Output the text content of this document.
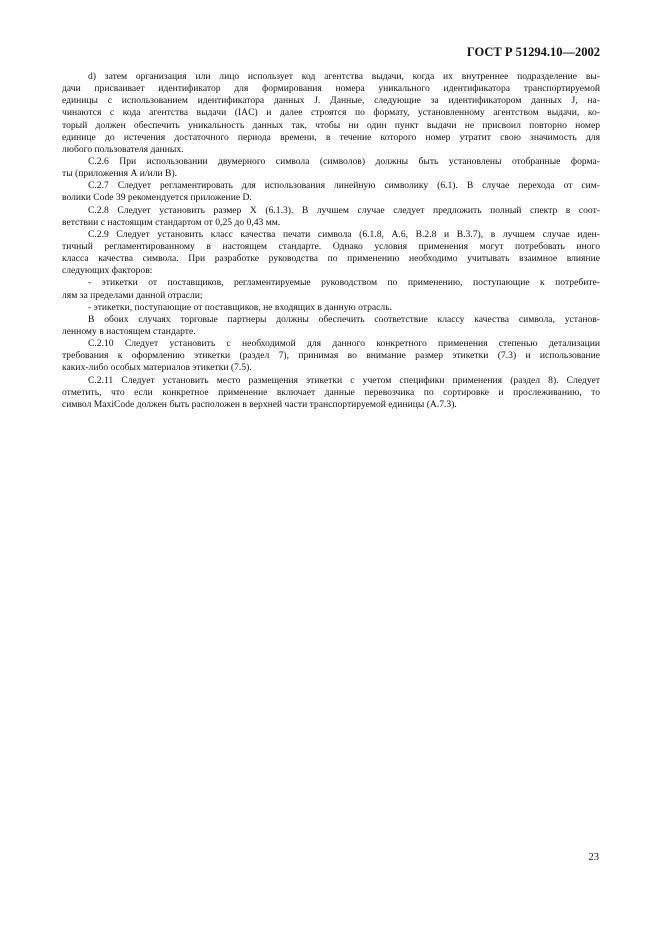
ГОСТ Р 51294.10—2002
d) затем организация или лицо использует код агентства выдачи, когда их внутреннее подразделение вы-
дачи присваивает идентификатор для формирования номера уникального идентификатора транспортируемой
единицы с использованием идентификатора данных J. Данные, следующие за идентификатором данных J, на-
чинаются с кода агентства выдачи (IAC) и далее строятся по формату, установленному агентством выдачи, ко-
торый должен обеспечить уникальность данных так, чтобы ни один пункт выдачи не присвоил повторно номер
единице до истечения достаточного периода времени, в течение которого номер утратит свою значимость для
любого пользователя данных.
С.2.6 При использовании двумерного символа (символов) должны быть установлены отобранные форма-
ты (приложения А и/или В).
С.2.7 Следует регламентировать для использования линейную символику (6.1). В случае перехода от сим-
волики Code 39 рекомендуется приложение D.
С.2.8 Следует установить размер X (6.1.3). В лучшем случае следует предложить полный спектр в соот-
ветствии с настоящим стандартом от 0,25 до 0,43 мм.
С.2.9 Следует установить класс качества печати символа (6.1.8, А.6, В.2.8 и В.3.7), в лучшем случае иден-
тичный регламентированному в настоящем стандарте. Однако условия применения могут потребовать иного
класса качества символа. При разработке руководства по применению необходимо учитывать взаимное влияние
следующих факторов:
- этикетки от поставщиков, регламентируемые руководством по применению, поступающие к потребите-
лям за пределами данной отрасли;
- этикетки, поступающие от поставщиков, не входящих в данную отрасль.
В обоих случаях торговые партнеры должны обеспечить соответствие классу качества символа, установ-
ленному в настоящем стандарте.
С.2.10 Следует установить с необходимой для данного конкретного применения степенью детализации
требования к оформлению этикетки (раздел 7), принимая во внимание размер этикетки (7.3) и использование
каких-либо особых материалов этикетки (7.5).
С.2.11 Следует установить место размещения этикетки с учетом специфики применения (раздел 8). Следует
отметить, что если конкретное применение включает данные перевозчика по сортировке и прослеживанию, то
символ MaxiCode должен быть расположен в верхней части транспортируемой единицы (А.7.3).
23
